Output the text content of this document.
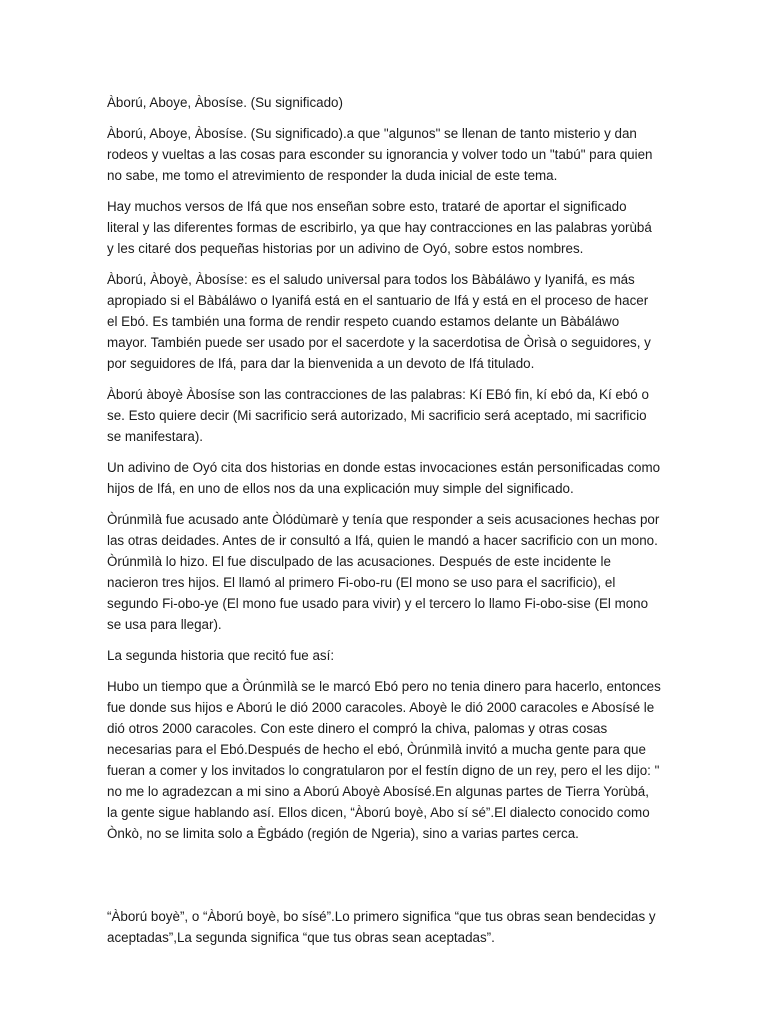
Àború, Aboye, Àbosíse. (Su significado)

Àború, Aboye, Àbosíse. (Su significado).a que "algunos" se llenan de tanto misterio y dan rodeos y vueltas a las cosas para esconder su ignorancia y volver todo un "tabú" para quien no sabe, me tomo el atrevimiento de responder la duda inicial de este tema.

Hay muchos versos de Ifá que nos enseñan sobre esto, trataré de aportar el significado literal y las diferentes formas de escribirlo, ya que hay contracciones en las palabras yorùbá y les citaré dos pequeñas historias por un adivino de Oyó, sobre estos nombres.

Àború, Àboyè, Àbosíse: es el saludo universal para todos los Bàbáláwo y Iyanifá, es más apropiado si el Bàbáláwo o Iyanifá está en el santuario de Ifá y está en el proceso de hacer el Ebó. Es también una forma de rendir respeto cuando estamos delante un Bàbáláwo mayor. También puede ser usado por el sacerdote y la sacerdotisa de Òrìsà o seguidores, y por seguidores de Ifá, para dar la bienvenida a un devoto de Ifá titulado.

Àború àboyè Àbosíse son las contracciones de las palabras: Kí EBó fin, kí ebó da, Kí ebó o se. Esto quiere decir (Mi sacrificio será autorizado, Mi sacrificio será aceptado, mi sacrificio se manifestara).

Un adivino de Oyó cita dos historias en donde estas invocaciones están personificadas como hijos de Ifá, en uno de ellos nos da una explicación muy simple del significado.

Òrúnmìlà fue acusado ante Òlódùmarè y tenía que responder a seis acusaciones hechas por las otras deidades. Antes de ir consultó a Ifá, quien le mandó a hacer sacrificio con un mono. Òrúnmìlà lo hizo. El fue disculpado de las acusaciones. Después de este incidente le nacieron tres hijos. El llamó al primero Fi-obo-ru (El mono se uso para el sacrificio), el segundo Fi-obo-ye (El mono fue usado para vivir) y el tercero lo llamo Fi-obo-sise (El mono se usa para llegar).

La segunda historia que recitó fue así:

Hubo un tiempo que a Òrúnmìlà se le marcó Ebó pero no tenia dinero para hacerlo, entonces fue donde sus hijos e Aború le dió 2000 caracoles. Aboyè le dió 2000 caracoles e Abosísé le dió otros 2000 caracoles. Con este dinero el compró la chiva, palomas y otras cosas necesarias para el Ebó.Después de hecho el ebó, Òrúnmìlà invitó a mucha gente para que fueran a comer y los invitados lo congratularon por el festín digno de un rey, pero el les dijo: " no me lo agradezcan a mi sino a Aború Aboyè Abosísé.En algunas partes de Tierra Yorùbá, la gente sigue hablando así. Ellos dicen, “Àború boyè, Abo sí sé”.El dialecto conocido como Ònkò, no se limita solo a Ègbádo (región de Ngeria), sino a varias partes cerca.

“Àború boyè”, o “Àború boyè, bo sísé”.Lo primero significa “que tus obras sean bendecidas y aceptadas”,La segunda significa “que tus obras sean aceptadas”.
